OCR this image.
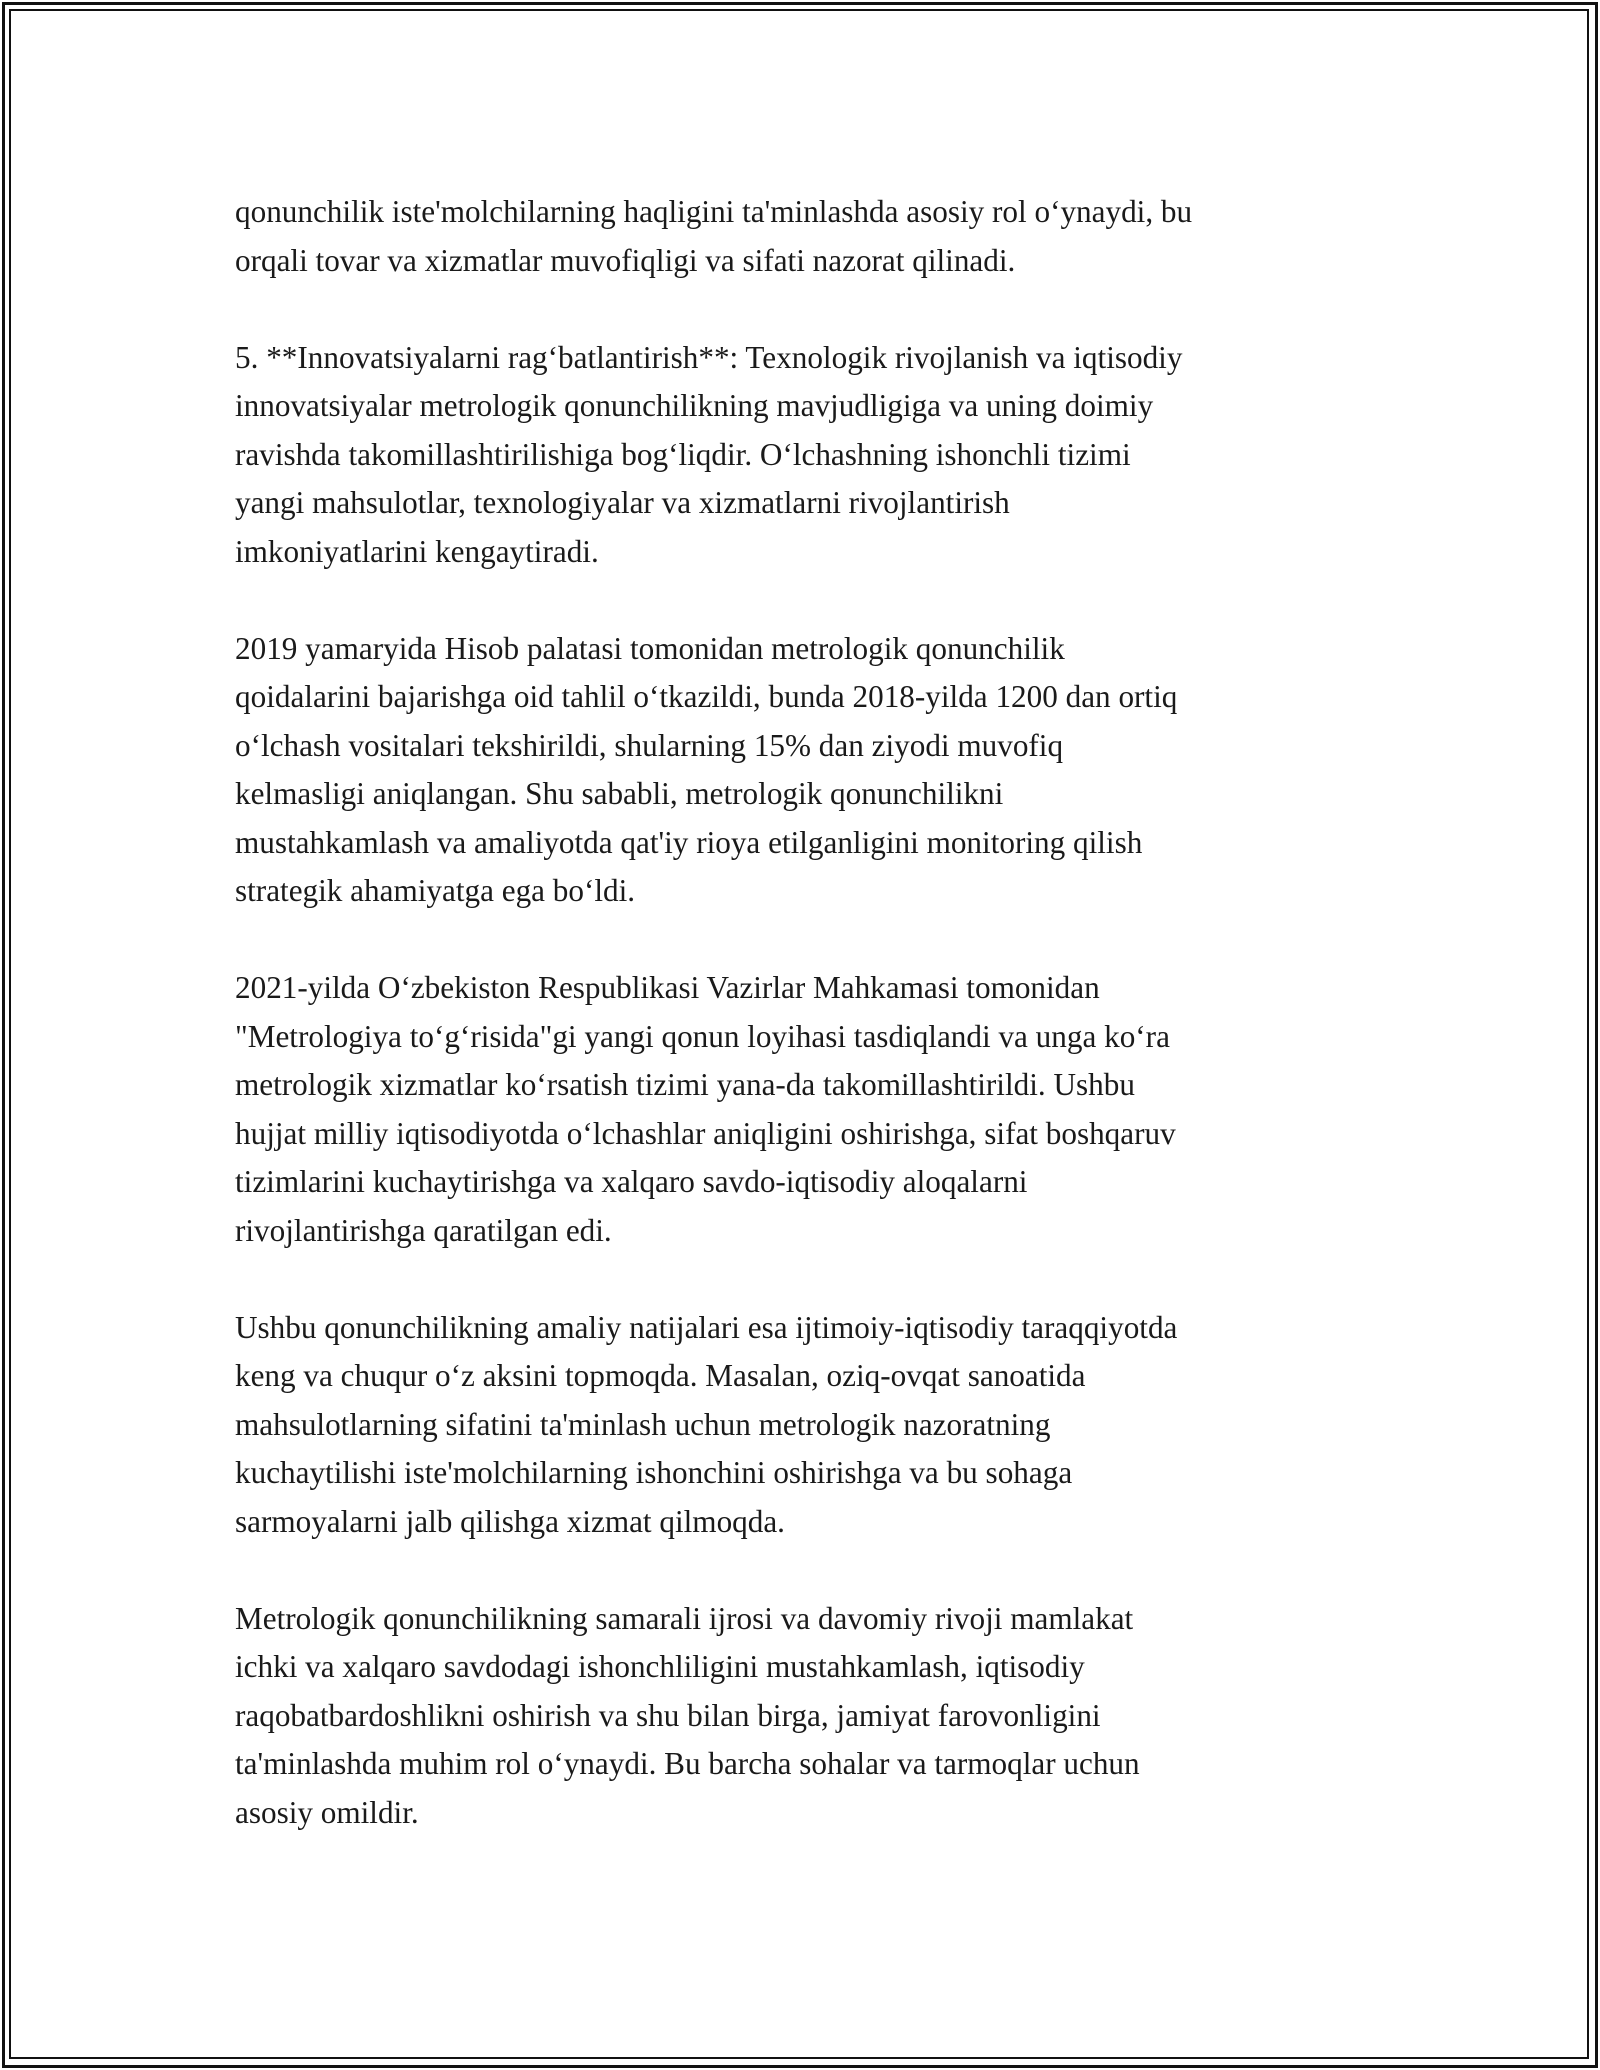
qonunchilik iste'molchilarning haqligini ta'minlashda asosiy rol o‘ynaydi, bu
orqali tovar va xizmatlar muvofiqligi va sifati nazorat qilinadi.

5. **Innovatsiyalarni rag‘batlantirish**: Texnologik rivojlanish va iqtisodiy
innovatsiyalar metrologik qonunchilikning mavjudligiga va uning doimiy
ravishda takomillashtirilishiga bog‘liqdir. O‘lchashning ishonchli tizimi
yangi mahsulotlar, texnologiyalar va xizmatlarni rivojlantirish
imkoniyatlarini kengaytiradi.

2019 yamaryida Hisob palatasi tomonidan metrologik qonunchilik
qoidalarini bajarishga oid tahlil o‘tkazildi, bunda 2018-yilda 1200 dan ortiq
o‘lchash vositalari tekshirildi, shularning 15% dan ziyodi muvofiq
kelmasligi aniqlangan. Shu sababli, metrologik qonunchilikni
mustahkamlash va amaliyotda qat'iy rioya etilganligini monitoring qilish
strategik ahamiyatga ega bo‘ldi.

2021-yilda O‘zbekiston Respublikasi Vazirlar Mahkamasi tomonidan
"Metrologiya to‘g‘risida"gi yangi qonun loyihasi tasdiqlandi va unga ko‘ra
metrologik xizmatlar ko‘rsatish tizimi yana-da takomillashtirildi. Ushbu
hujjat milliy iqtisodiyotda o‘lchashlar aniqligini oshirishga, sifat boshqaruv
tizimlarini kuchaytirishga va xalqaro savdo-iqtisodiy aloqalarni
rivojlantirishga qaratilgan edi.

Ushbu qonunchilikning amaliy natijalari esa ijtimoiy-iqtisodiy taraqqiyotda
keng va chuqur o‘z aksini topmoqda. Masalan, oziq-ovqat sanoatida
mahsulotlarning sifatini ta'minlash uchun metrologik nazoratning
kuchaytilishi iste'molchilarning ishonchini oshirishga va bu sohaga
sarmoyalarni jalb qilishga xizmat qilmoqda.

Metrologik qonunchilikning samarali ijrosi va davomiy rivoji mamlakat
ichki va xalqaro savdodagi ishonchliligini mustahkamlash, iqtisodiy
raqobatbardoshlikni oshirish va shu bilan birga, jamiyat farovonligini
ta'minlashda muhim rol o‘ynaydi. Bu barcha sohalar va tarmoqlar uchun
asosiy omildir.
